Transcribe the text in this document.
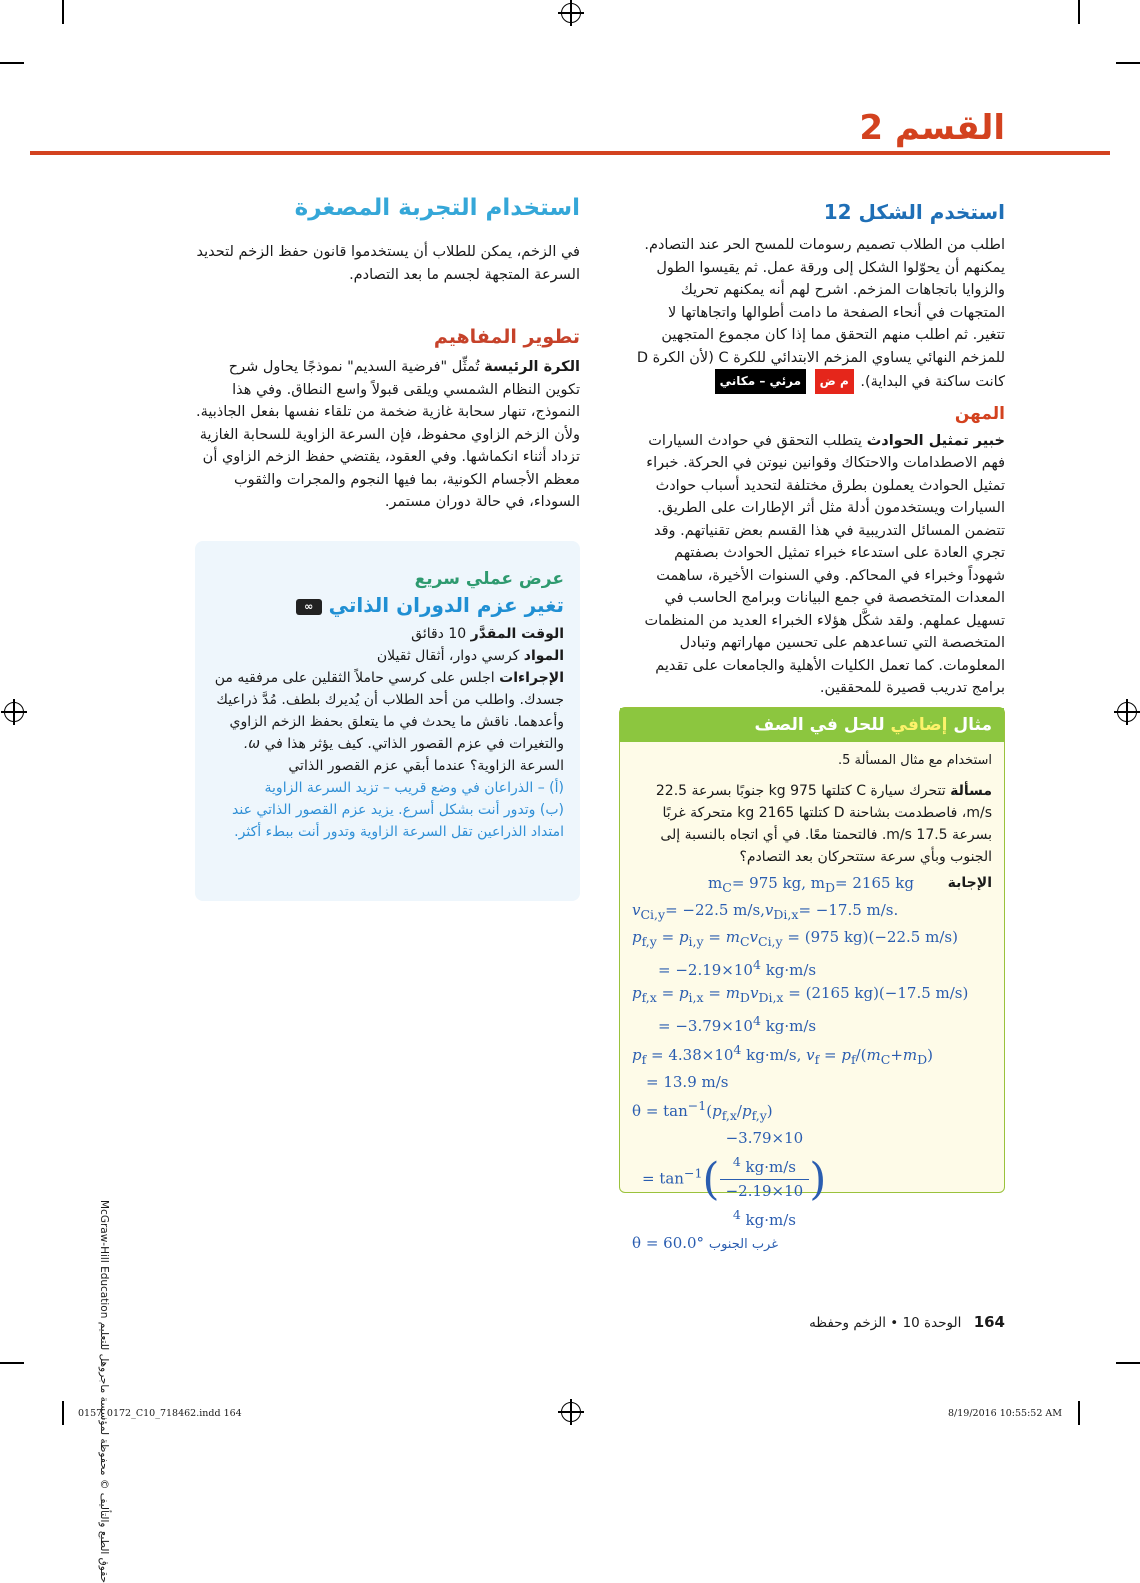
القسم 2
استخدم الشكل 12

اطلب من الطلاب تصميم رسومات للمسح الحر عند التصادم. يمكنهم أن يحوّلوا الشكل إلى ورقة عمل. ثم يقيسوا الطول والزوايا باتجاهات المزخم. اشرح لهم أنه يمكنهم تحريك المتجهات في أنحاء الصفحة ما دامت أطوالها واتجاهاتها لا تتغير. ثم اطلب منهم التحقق مما إذا كان مجموع المتجهين للمزخم النهائي يساوي المزخم الابتدائي للكرة C (لأن الكرة D كانت ساكنة في البداية). م ض مرئي – مكاني

المهن

خبير تمثيل الحوادث يتطلب التحقق في حوادث السيارات فهم الاصطدامات والاحتكاك وقوانين نيوتن في الحركة. خبراء تمثيل الحوادث يعملون بطرق مختلفة لتحديد أسباب حوادث السيارات ويستخدمون أدلة مثل أثر الإطارات على الطريق. تتضمن المسائل التدريبية في هذا القسم بعض تقنياتهم. وقد تجري العادة على استدعاء خبراء تمثيل الحوادث بصفتهم شهوداً وخبراء في المحاكم. وفي السنوات الأخيرة، ساهمت المعدات المتخصصة في جمع البيانات وبرامج الحاسب في تسهيل عملهم. ولقد شكَّل هؤلاء الخبراء العديد من المنظمات المتخصصة التي تساعدهم على تحسين مهاراتهم وتبادل المعلومات. كما تعمل الكليات الأهلية والجامعات على تقديم برامج تدريب قصيرة للمحققين.

مثال إضافي للحل في الصف
استخدام مع مثال المسألة 5.
مسألة تتحرك سيارة C كتلتها 975 kg جنوبًا بسرعة 22.5 m/s، فاصطدمت بشاحنة D كتلتها 2165 kg متحركة غربًا بسرعة 17.5 m/s. فالتحمتا معًا. في أي اتجاه بالنسبة إلى الجنوب وبأي سرعة ستتحركان بعد التصادم؟
الإجابة
$m_C= 975$ kg, $m_D= 2165$ kg
$v_{Ci,y}= -22.5$ $m/s,v_{Di,x}= -17.5$ m/s.
$p_{f,y} = p_{i,y} = m_Cv_{Ci,y} = (975$ kg)(−22.5 m/s)
= $-2.19\times 10^4$ kg·m/s
$p_{f,x} = p_{i,x} = m_Dv_{Di,x} = (2165$ kg)(−17.5 m/s)
= $-3.79\times 10^4$ kg·m/s
$p_f = 4.38\times 10^4$ kg·m/s, $v_f = p_f/(m_C+m_D)$
= 13.9 m/s
$\theta = \tan^{-1}(p_{f,x}/p_{f,y})$
= $\tan^{-1}( -3.79\times 10$
$^4$ kg·m/s
−2.19×10
$^4$ kg·m/s )
θ = 60.0° غرب الجنوب
استخدام التجربة المصغرة

في الزخم، يمكن للطلاب أن يستخدموا قانون حفظ الزخم لتحديد السرعة المتجهة لجسم ما بعد التصادم.

تطوير المفاهيم

الكرة الرئيسة تُمثِّل "فرضية السديم" نموذجًا يحاول شرح تكوين النظام الشمسي ويلقى قبولاً واسع النطاق. وفي هذا النموذج، تنهار سحابة غازية ضخمة من تلقاء نفسها بفعل الجاذبية. ولأن الزخم الزاوي محفوظ، فإن السرعة الزاوية للسحابة الغازية تزداد أثناء انكماشها. وفي العقود، يقتضي حفظ الزخم الزاوي أن معظم الأجسام الكونية، بما فيها النجوم والمجرات والثقوب السوداء، في حالة دوران مستمر.

عرض عملي سريع
تغير عزم الدوران الذاتي ∞
الوقت المقدَّر 10 دقائق
المواد كرسي دوار، أثقال ثقيلان
الإجراءات اجلس على كرسي حاملاً الثقلين على مرفقيه من جسدك. واطلب من أحد الطلاب أن يُديرك بلطف. مُدَّ ذراعيك وأعدهما. ناقش ما يحدث في ما يتعلق بحفظ الزخم الزاوي والتغيرات في عزم القصور الذاتي. كيف يؤثر هذا في ω.
السرعة الزاوية؟ عندما أبقي عزم القصور الذاتي
(أ) – الذراعان في وضع قريب – تزيد السرعة الزاوية
(ب) وتدور أنت بشكل أسرع. يزيد عزم القصور الذاتي عند امتداد الذراعين تقل السرعة الزاوية وتدور أنت ببطء أكثر.
164 الوحدة 10 • الزخم وحفظه
حقوق الطبع والتأليف © محفوظة لمؤسسة ماجروهل للتعليم McGraw-Hill Education
0157_0172_C10_718462.indd 164	8/19/2016 10:55:52 AM
